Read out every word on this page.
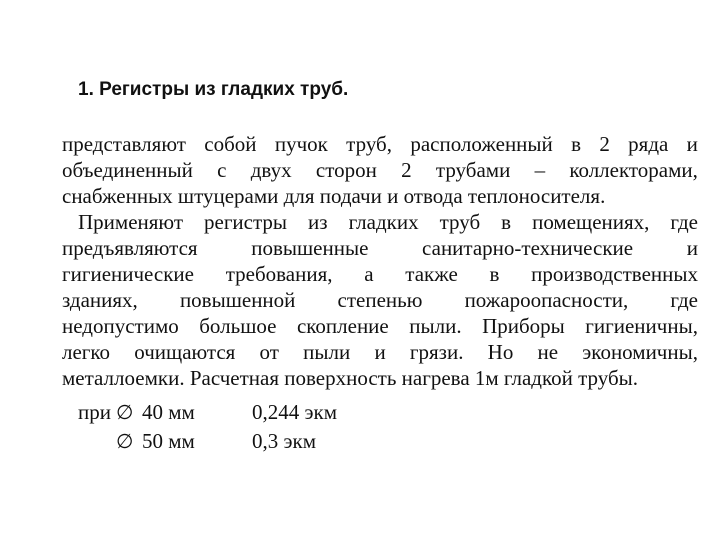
1. Регистры из гладких труб.
представляют собой пучок труб, расположенный в 2 ряда и
объединенный с двух сторон 2 трубами – коллекторами,
снабженных штуцерами для подачи и отвода теплоносителя.
Применяют регистры из гладких труб в помещениях, где
предъявляются	повышенные	санитарно-технические	и
гигиенические требования, а также в производственных
зданиях, повышенной степенью пожароопасности, где
недопустимо большое скопление пыли. Приборы гигиеничны,
легко очищаются от пыли и грязи. Но не экономичны,
металлоемки. Расчетная поверхность нагрева 1м гладкой трубы.
при ∅ 40 мм	0,244 экм
∅ 50 мм	0,3 экм
